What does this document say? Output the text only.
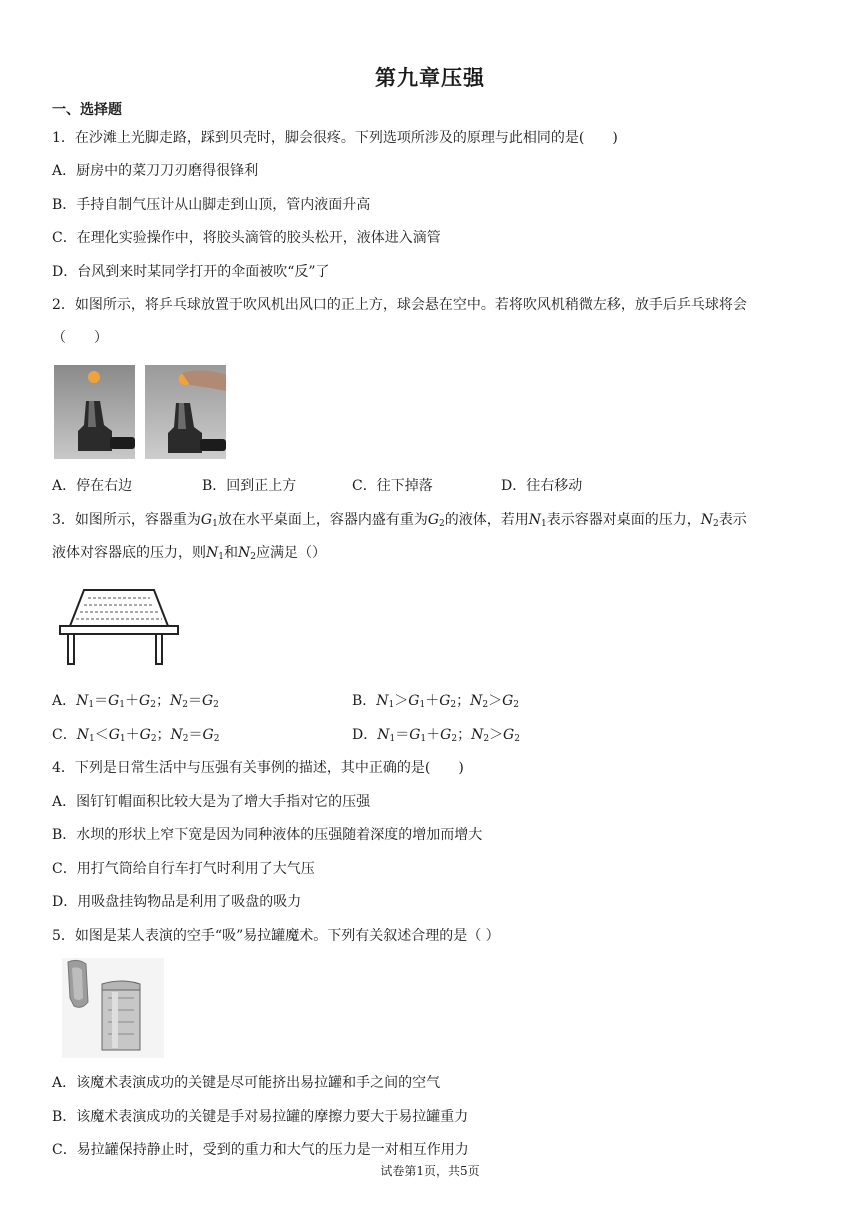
第九章压强
一、选择题
1．在沙滩上光脚走路，踩到贝壳时，脚会很疼。下列选项所涉及的原理与此相同的是(　　)
A．厨房中的菜刀刀刃磨得很锋利
B．手持自制气压计从山脚走到山顶，管内液面升高
C．在理化实验操作中，将胶头滴管的胶头松开，液体进入滴管
D．台风到来时某同学打开的伞面被吹“反”了
2．如图所示，将乒乓球放置于吹风机出风口的正上方，球会悬在空中。若将吹风机稍微左移，放手后乒乓球将会
（　　）
A．停在右边	B．回到正上方	C．往下掉落	D．往右移动
3．如图所示，容器重为$G_1$放在水平桌面上，容器内盛有重为$G_2$的液体，若用$N_1$表示容器对桌面的压力，$N_2$表示
液体对容器底的压力，则$N_1$和$N_2$应满足（）
A．$N_1=G_1+G_2$；$N_2=G_2$	B．$N_1>G_1+G_2$；$N_2>G_2$
C．$N_1<G_1+G_2$；$N_2=G_2$	D．$N_1=G_1+G_2$；$N_2>G_2$
4．下列是日常生活中与压强有关事例的描述，其中正确的是(　　)
A．图钉钉帽面积比较大是为了增大手指对它的压强
B．水坝的形状上窄下宽是因为同种液体的压强随着深度的增加而增大
C．用打气筒给自行车打气时利用了大气压
D．用吸盘挂钩物品是利用了吸盘的吸力
5．如图是某人表演的空手“吸”易拉罐魔术。下列有关叙述合理的是（ ）
A．该魔术表演成功的关键是尽可能挤出易拉罐和手之间的空气
B．该魔术表演成功的关键是手对易拉罐的摩擦力要大于易拉罐重力
C．易拉罐保持静止时，受到的重力和大气的压力是一对相互作用力
试卷第1页，共5页
